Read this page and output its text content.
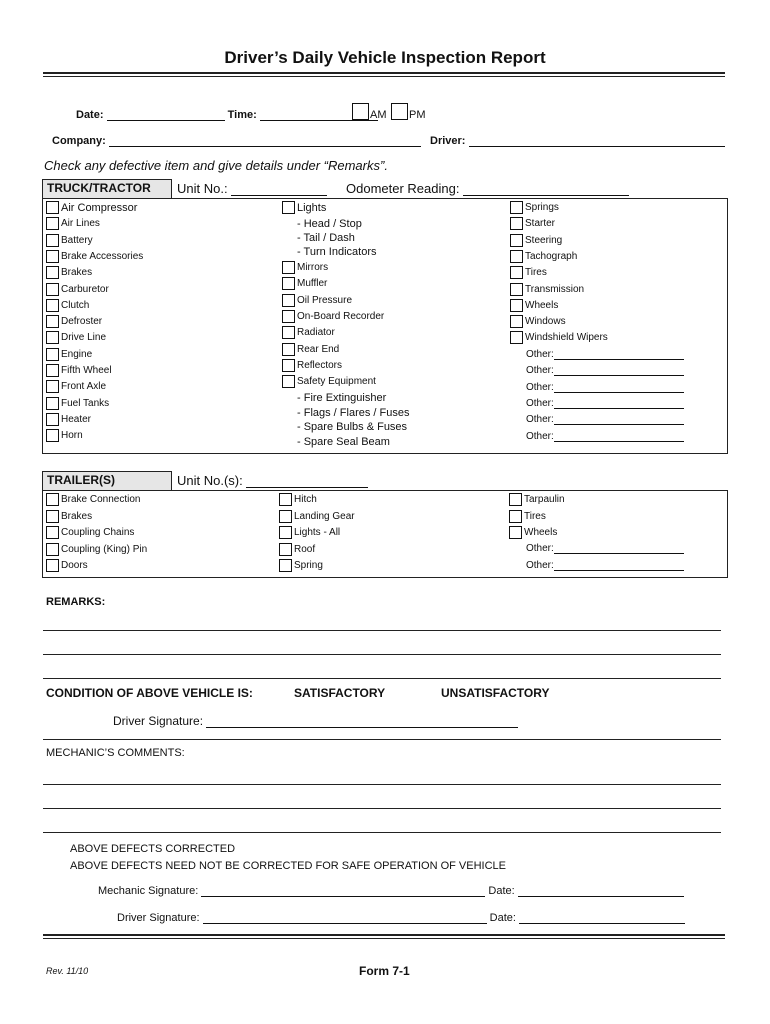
Driver’s Daily Vehicle Inspection Report
Date:	Time:	AM PM
Company:	Driver:
Check any defective item and give details under “Remarks”.
TRUCK/TRACTOR	Unit No.:	Odometer Reading:
Air Compressor
Air Lines
Battery
Brake Accessories
Brakes
Carburetor
Clutch
Defroster
Drive Line
Engine
Fifth Wheel
Front Axle
Fuel Tanks
Heater
Horn
Lights
- Head / Stop
- Tail / Dash
- Turn Indicators
Mirrors
Muffler
Oil Pressure
On-Board Recorder
Radiator
Rear End
Reflectors
Safety Equipment
- Fire Extinguisher
- Flags / Flares / Fuses
- Spare Bulbs & Fuses
- Spare Seal Beam
Springs
Starter
Steering
Tachograph
Tires
Transmission
Wheels
Windows
Windshield Wipers
Other:
Other:
Other:
Other:
Other:
Other:
TRAILER(S)	Unit No.(s):
Brake Connection
Brakes
Coupling Chains
Coupling (King) Pin
Doors
Hitch
Landing Gear
Lights - All
Roof
Spring
Tarpaulin
Tires
Wheels
Other:
Other:
REMARKS:
CONDITION OF ABOVE VEHICLE IS:	SATISFACTORY	UNSATISFACTORY
Driver Signature:
MECHANIC’S COMMENTS:
ABOVE DEFECTS CORRECTED
ABOVE DEFECTS NEED NOT BE CORRECTED FOR SAFE OPERATION OF VEHICLE
Mechanic Signature:	Date:
Driver Signature:	Date:
Rev. 11/10	Form 7-1
